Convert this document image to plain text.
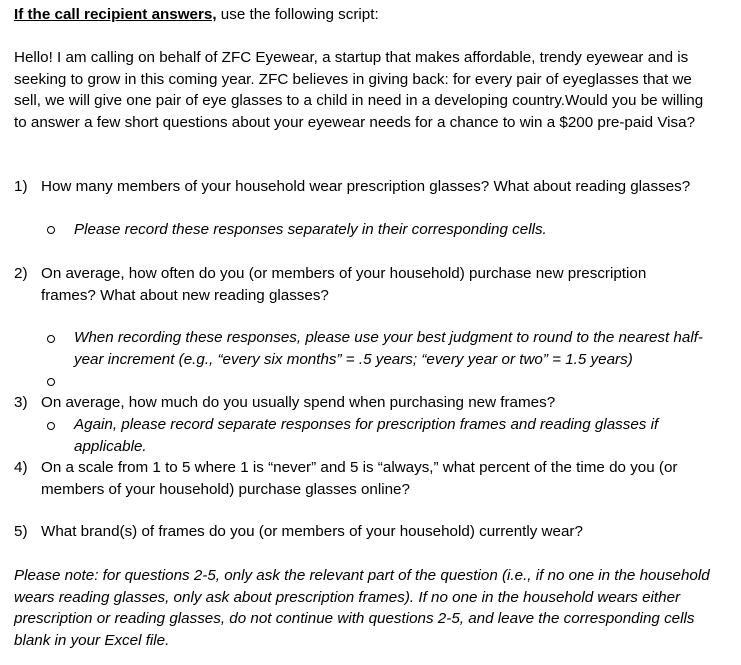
If the call recipient answers, use the following script:

Hello! I am calling on behalf of ZFC Eyewear, a startup that makes affordable, trendy eyewear and is seeking to grow in this coming year. ZFC believes in giving back: for every pair of eyeglasses that we sell, we will give one pair of eye glasses to a child in need in a developing country.Would you be willing to answer a few short questions about your eyewear needs for a chance to win a $200 pre-paid Visa?

1) How many members of your household wear prescription glasses? What about reading glasses?

Please record these responses separately in their corresponding cells.

2) On average, how often do you (or members of your household) purchase new prescription frames? What about new reading glasses?

When recording these responses, please use your best judgment to round to the nearest half-year increment (e.g., “every six months” = .5 years; “every year or two” = 1.5 years)

3) On average, how much do you usually spend when purchasing new frames?

Again, please record separate responses for prescription frames and reading glasses if applicable.

4) On a scale from 1 to 5 where 1 is “never” and 5 is “always,” what percent of the time do you (or members of your household) purchase glasses online?

5) What brand(s) of frames do you (or members of your household) currently wear?

Please note: for questions 2-5, only ask the relevant part of the question (i.e., if no one in the household wears reading glasses, only ask about prescription frames). If no one in the household wears either prescription or reading glasses, do not continue with questions 2-5, and leave the corresponding cells blank in your Excel file.
